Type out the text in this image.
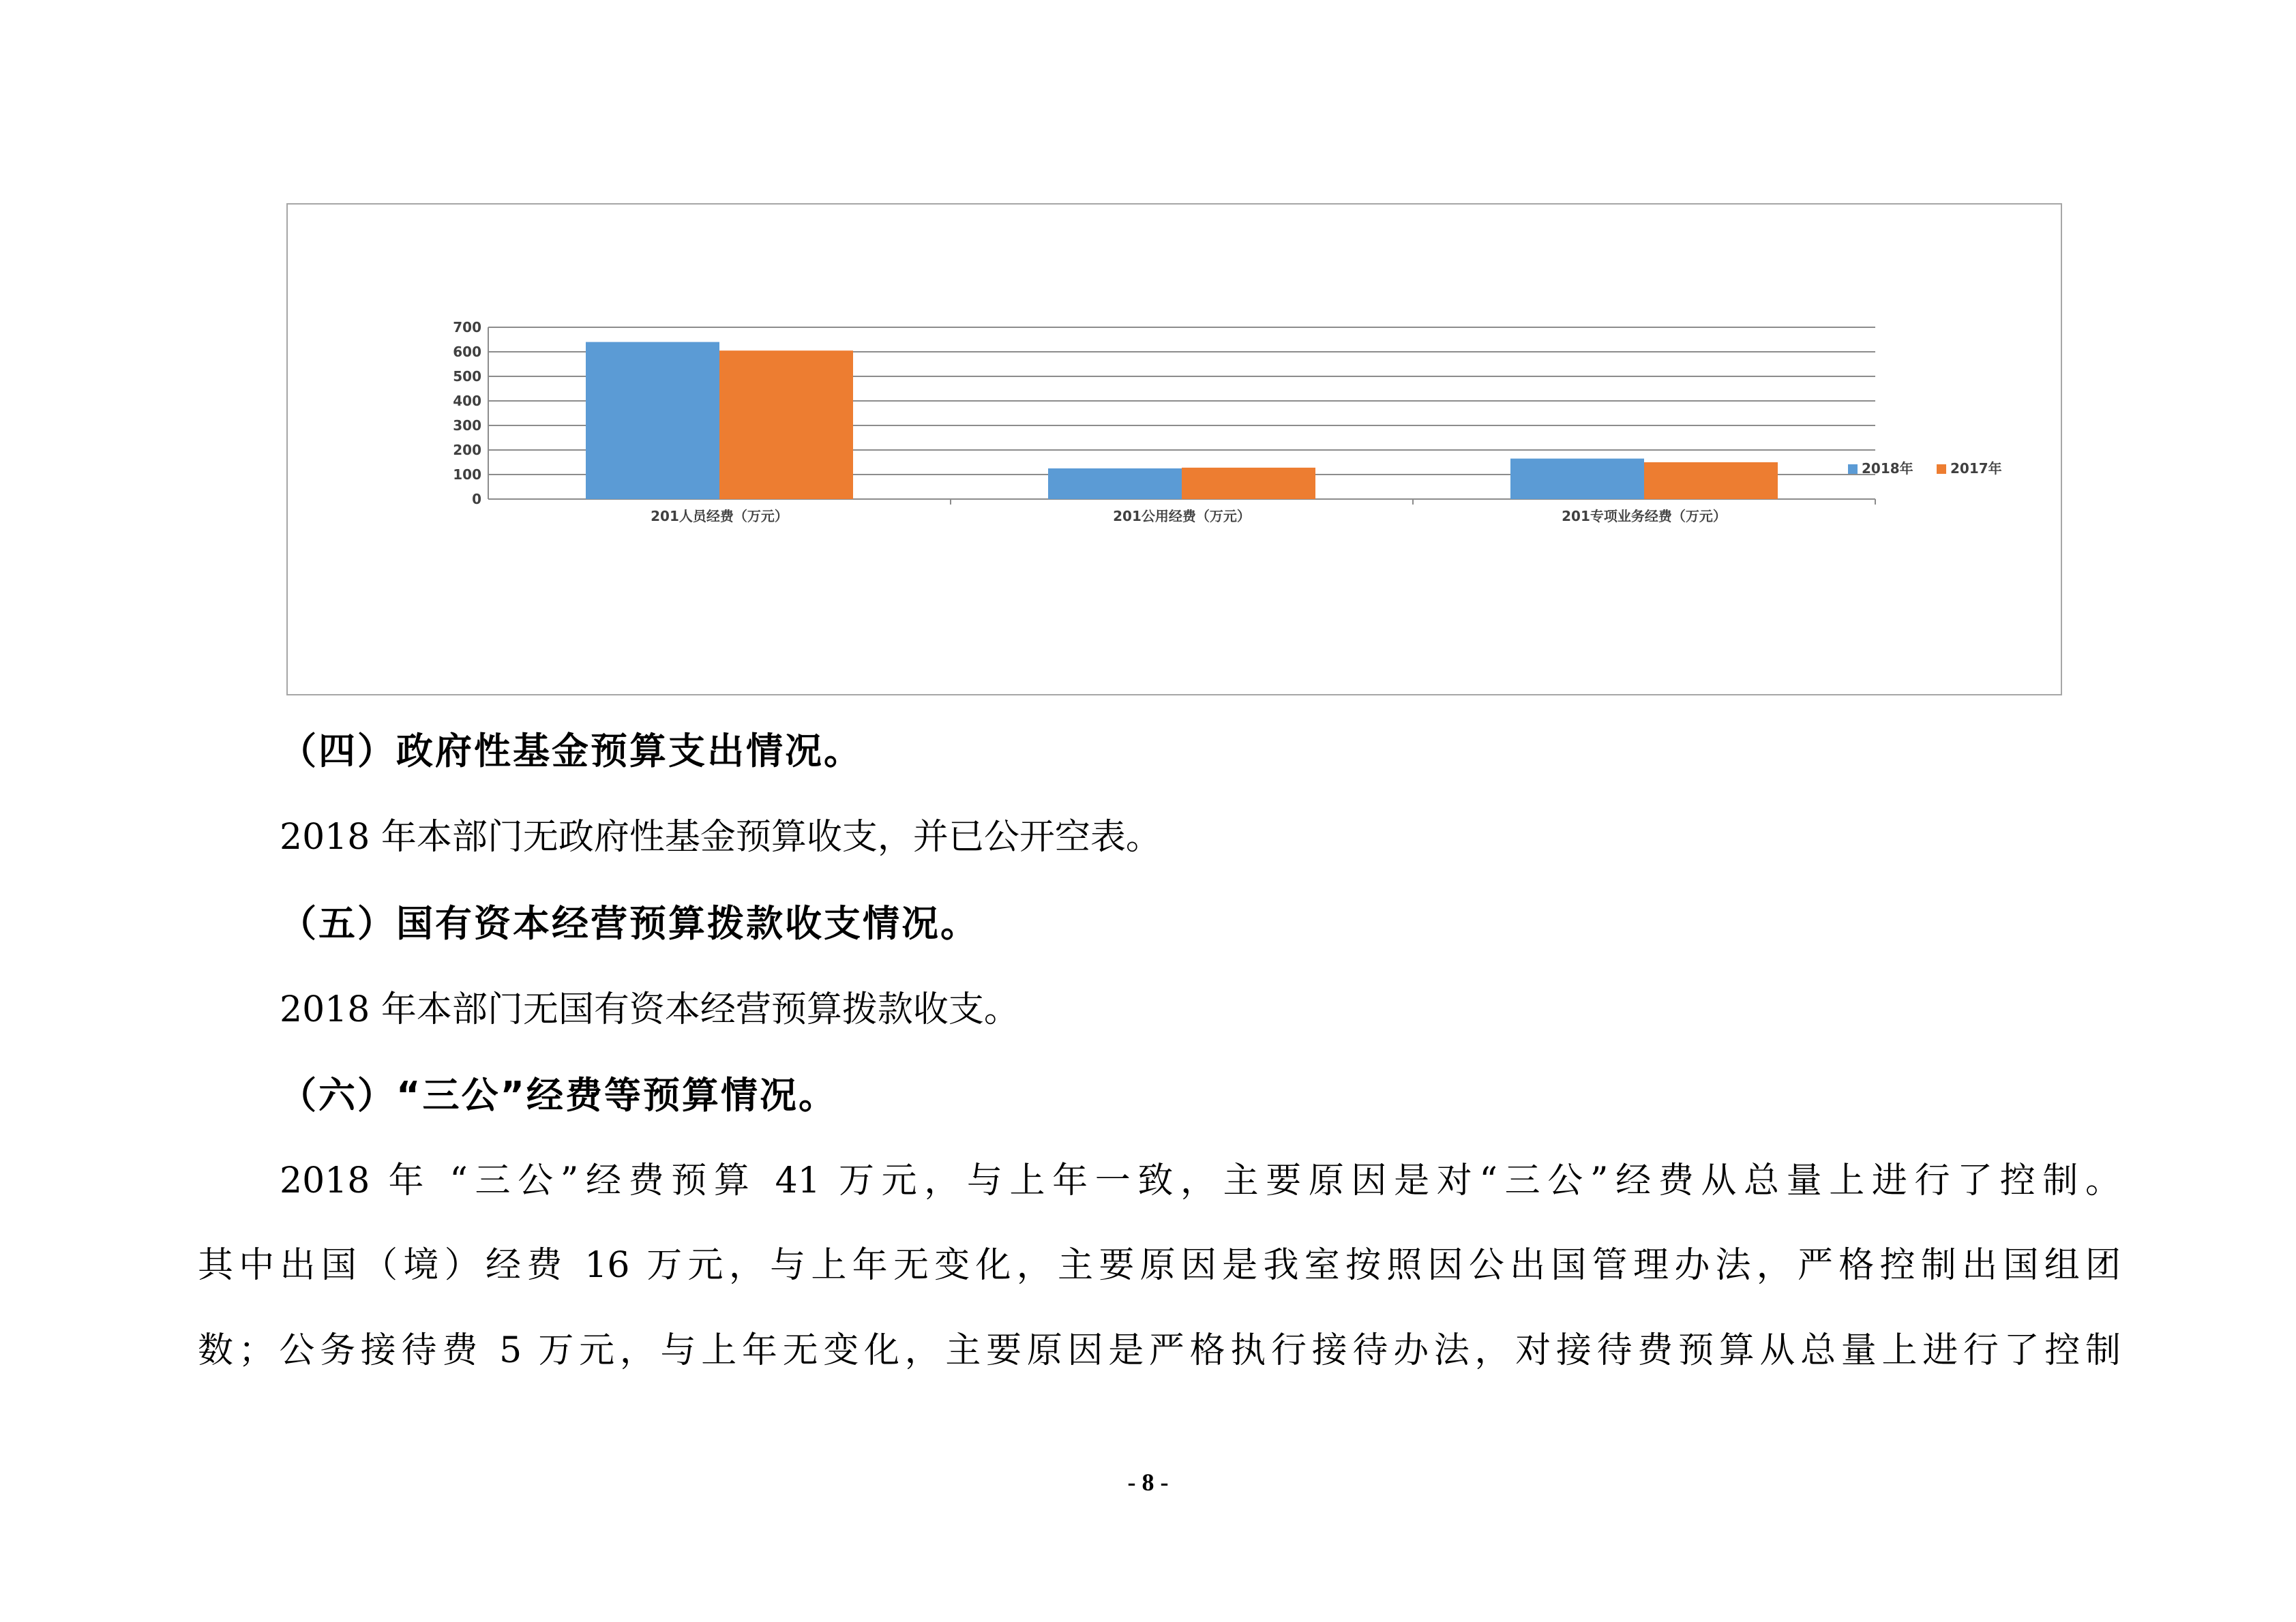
0
100
200
300
400
500
600
700
201人员经费（万元）	201公用经费（万元）	201专项业务经费（万元）
2018年	2017年
（四）政府性基金预算支出情况。
2018 年本部门无政府性基金预算收支，并已公开空表。
（五）国有资本经营预算拨款收支情况。
2018 年本部门无国有资本经营预算拨款收支。
（六）“三公”经费等预算情况。
2018 年 “三公”经费预算 41 万元，与上年一致，主要原因是对“三公”经费从总量上进行了控制。
其中出国（境）经费 16 万元，与上年无变化，主要原因是我室按照因公出国管理办法，严格控制出国组团
数；公务接待费 5 万元，与上年无变化，主要原因是严格执行接待办法，对接待费预算从总量上进行了控制
- 8 -
